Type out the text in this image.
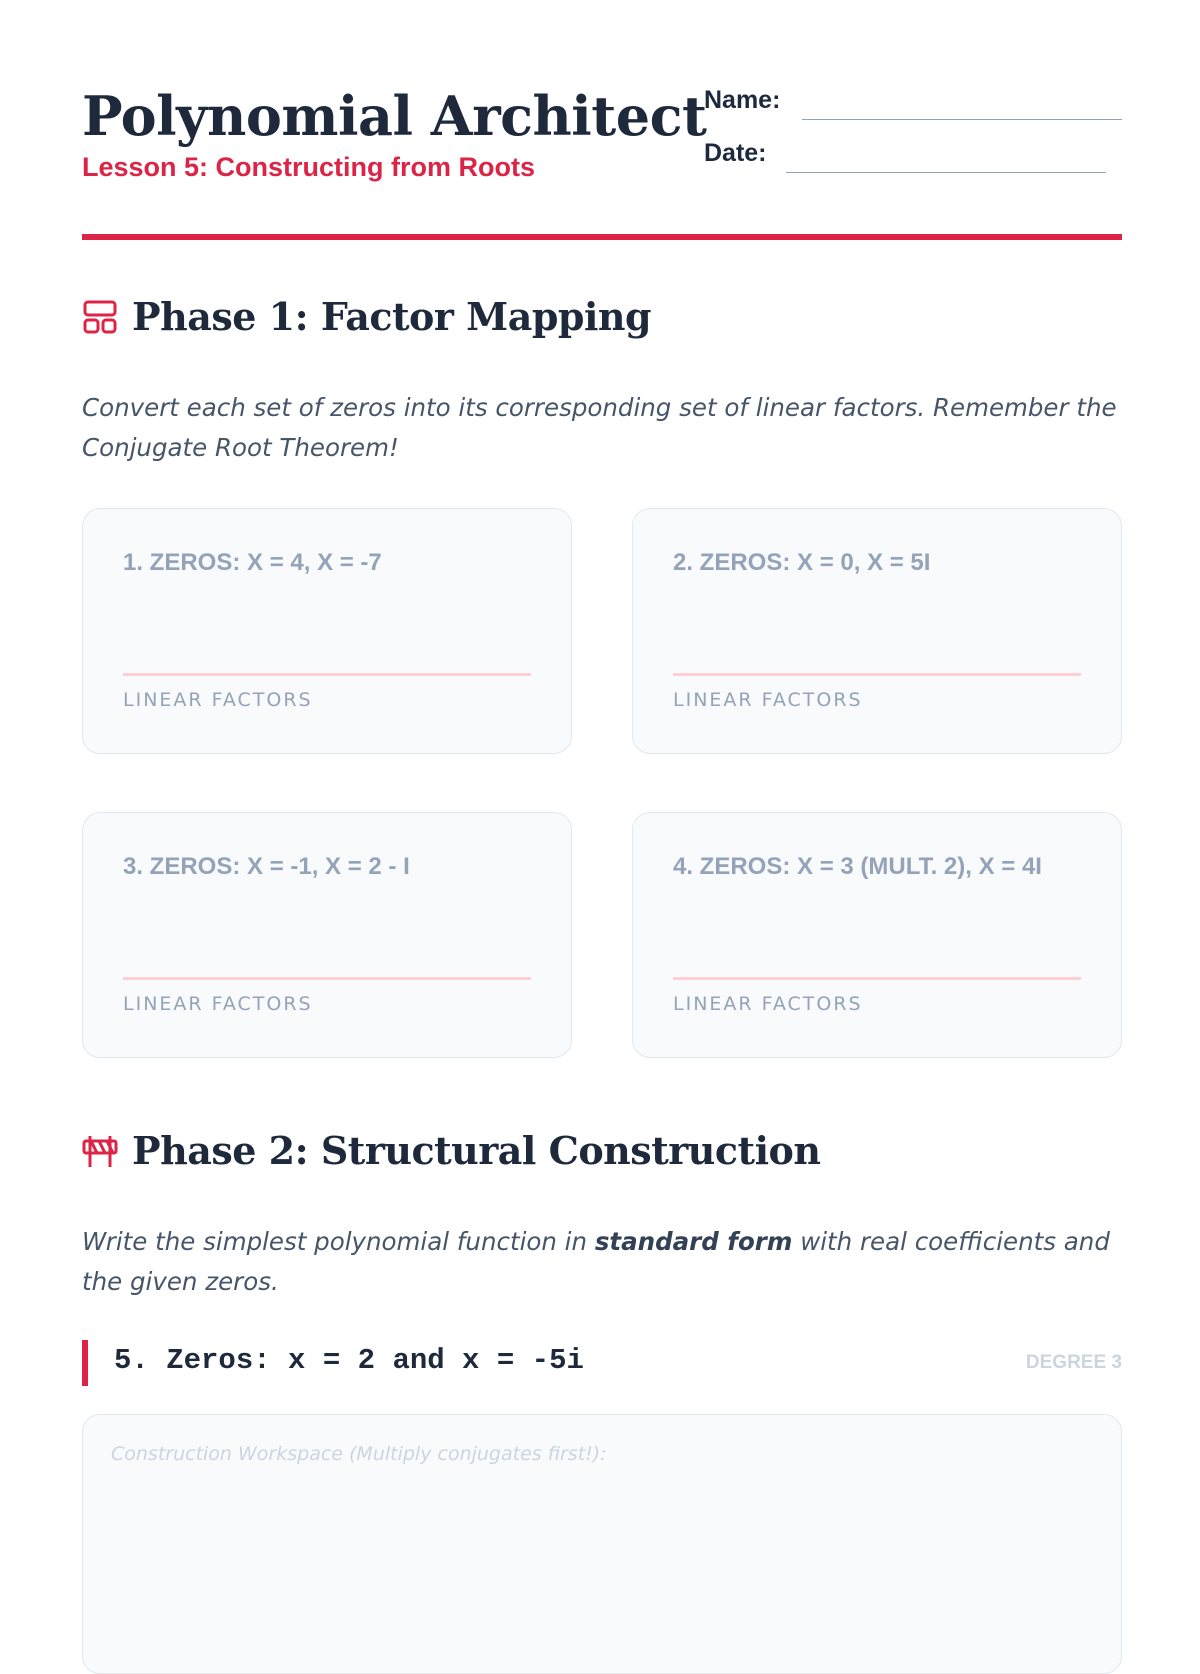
Polynomial Architect
Lesson 5: Constructing from Roots
Name:
Date:
Phase 1: Factor Mapping

Convert each set of zeros into its corresponding set of linear factors. Remember the Conjugate Root Theorem!

1. ZEROS: X = 4, X = -7
LINEAR FACTORS
2. ZEROS: X = 0, X = 5I
LINEAR FACTORS
3. ZEROS: X = -1, X = 2 - I
LINEAR FACTORS
4. ZEROS: X = 3 (MULT. 2), X = 4I
LINEAR FACTORS
Phase 2: Structural Construction

Write the simplest polynomial function in standard form with real coefficients and the given zeros.

5. Zeros: x = 2 and x = -5i	DEGREE 3
Construction Workspace (Multiply conjugates first!):
